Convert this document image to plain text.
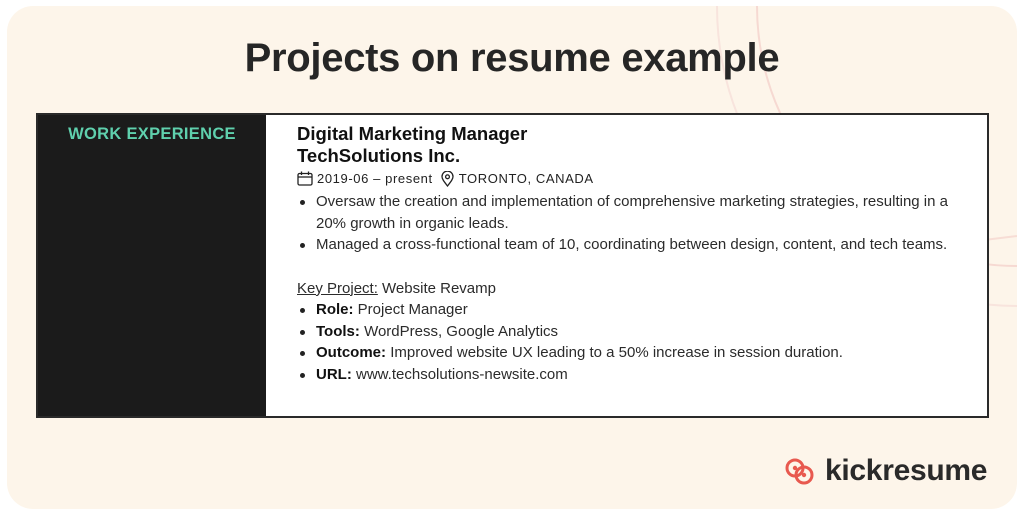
Projects on resume example
WORK EXPERIENCE	Digital Marketing Manager
TechSolutions Inc.
2019-06 – present TORONTO, CANADA
Oversaw the creation and implementation of comprehensive marketing strategies, resulting in a 20% growth in organic leads.
Managed a cross-functional team of 10, coordinating between design, content, and tech teams.
Key Project: Website Revamp
Role: Project Manager
Tools: WordPress, Google Analytics
Outcome: Improved website UX leading to a 50% increase in session duration.
URL: www.techsolutions-newsite.com
kickresume
